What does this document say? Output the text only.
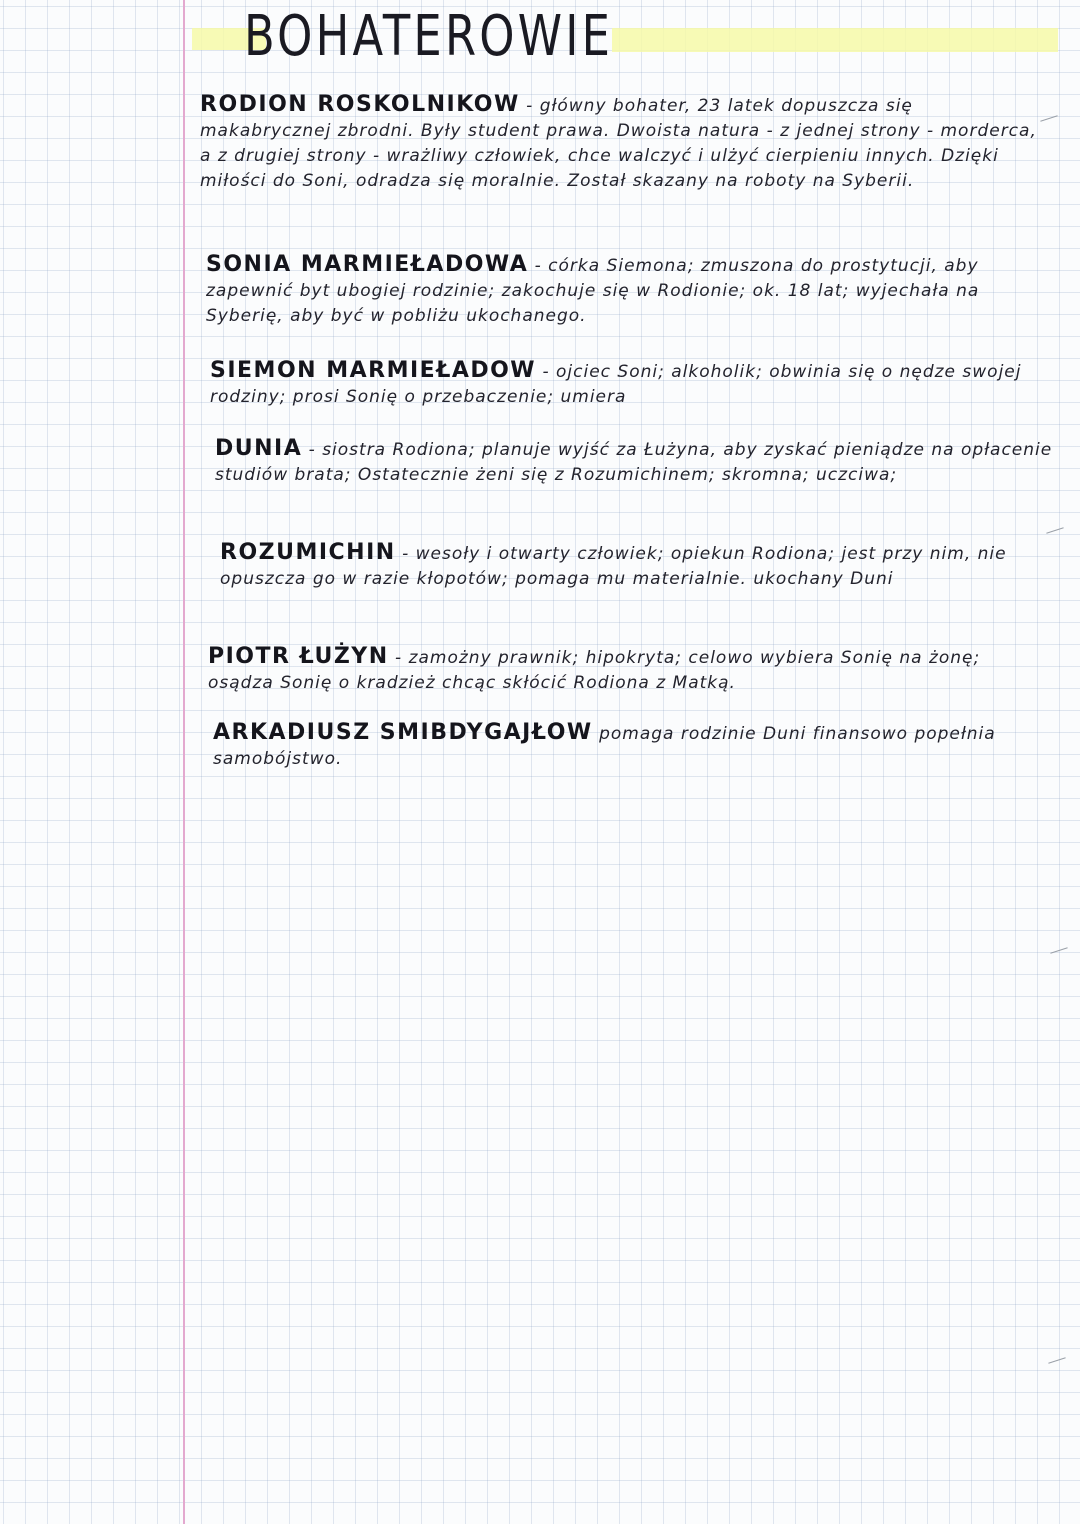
BOHATEROWIE

RODION ROSKOLNIKOW - główny bohater, 23 latek dopuszcza się makabrycznej zbrodni. Były student prawa. Dwoista natura - z jednej strony - morderca, a z drugiej strony - wrażliwy człowiek, chce walczyć i ulżyć cierpieniu innych. Dzięki miłości do Soni, odradza się moralnie. Został skazany na roboty na Syberii.

SONIA MARMIEŁADOWA - córka Siemona; zmuszona do prostytucji, aby zapewnić byt ubogiej rodzinie; zakochuje się w Rodionie; ok. 18 lat; wyjechała na Syberię, aby być w pobliżu ukochanego.

SIEMON MARMIEŁADOW - ojciec Soni; alkoholik; obwinia się o nędze swojej rodziny; prosi Sonię o przebaczenie; umiera

DUNIA - siostra Rodiona; planuje wyjść za Łużyna, aby zyskać pieniądze na opłacenie studiów brata; Ostatecznie żeni się z Rozumichinem; skromna; uczciwa;

ROZUMICHIN - wesoły i otwarty człowiek; opiekun Rodiona; jest przy nim, nie opuszcza go w razie kłopotów; pomaga mu materialnie. ukochany Duni

PIOTR ŁUŻYN - zamożny prawnik; hipokryta; celowo wybiera Sonię na żonę; osądza Sonię o kradzież chcąc skłócić Rodiona z Matką.

ARKADIUSZ SMIBDYGAJŁOW pomaga rodzinie Duni finansowo popełnia samobójstwo.
